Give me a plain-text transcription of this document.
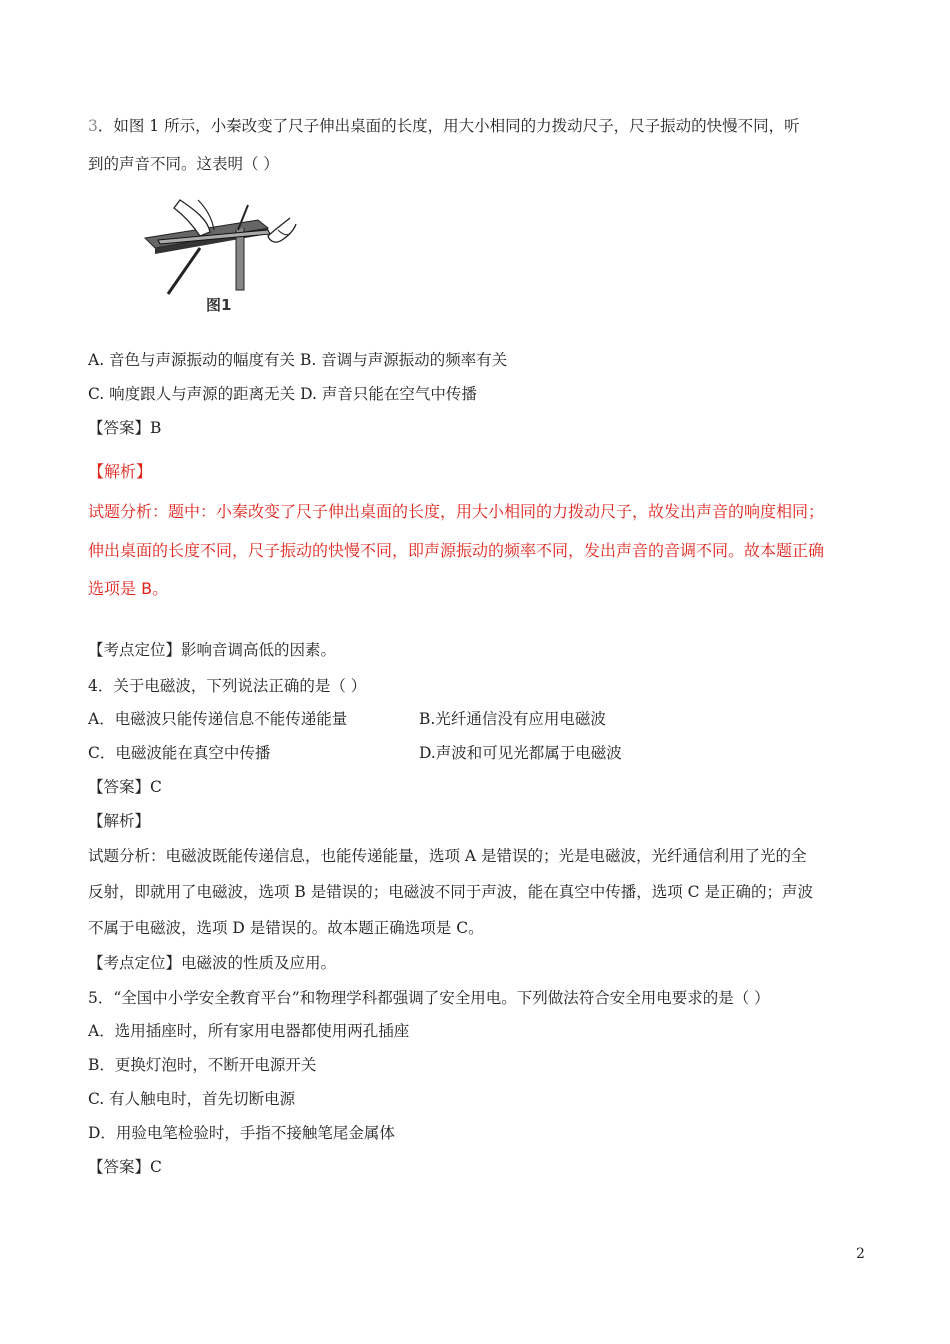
3．如图 1 所示，小秦改变了尺子伸出桌面的长度，用大小相同的力拨动尺子，尺子振动的快慢不同，听
到的声音不同。这表明（ ）
图1
A. 音色与声源振动的幅度有关 B. 音调与声源振动的频率有关
C. 响度跟人与声源的距离无关 D. 声音只能在空气中传播
【答案】B
【解析】
试题分析：题中：小秦改变了尺子伸出桌面的长度，用大小相同的力拨动尺子，故发出声音的响度相同；
伸出桌面的长度不同，尺子振动的快慢不同，即声源振动的频率不同，发出声音的音调不同。故本题正确
选项是 B。
【考点定位】影响音调高低的因素。
4．关于电磁波，下列说法正确的是（ ）
A．电磁波只能传递信息不能传递能量	B.光纤通信没有应用电磁波
C．电磁波能在真空中传播	D.声波和可见光都属于电磁波
【答案】C
【解析】
试题分析：电磁波既能传递信息，也能传递能量，选项 A 是错误的；光是电磁波，光纤通信利用了光的全
反射，即就用了电磁波，选项 B 是错误的；电磁波不同于声波，能在真空中传播，选项 C 是正确的；声波
不属于电磁波，选项 D 是错误的。故本题正确选项是 C。
【考点定位】电磁波的性质及应用。
5．“全国中小学安全教育平台”和物理学科都强调了安全用电。下列做法符合安全用电要求的是（ ）
A．选用插座时，所有家用电器都使用两孔插座
B．更换灯泡时，不断开电源开关
C. 有人触电时，首先切断电源
D．用验电笔检验时，手指不接触笔尾金属体
【答案】C
2
